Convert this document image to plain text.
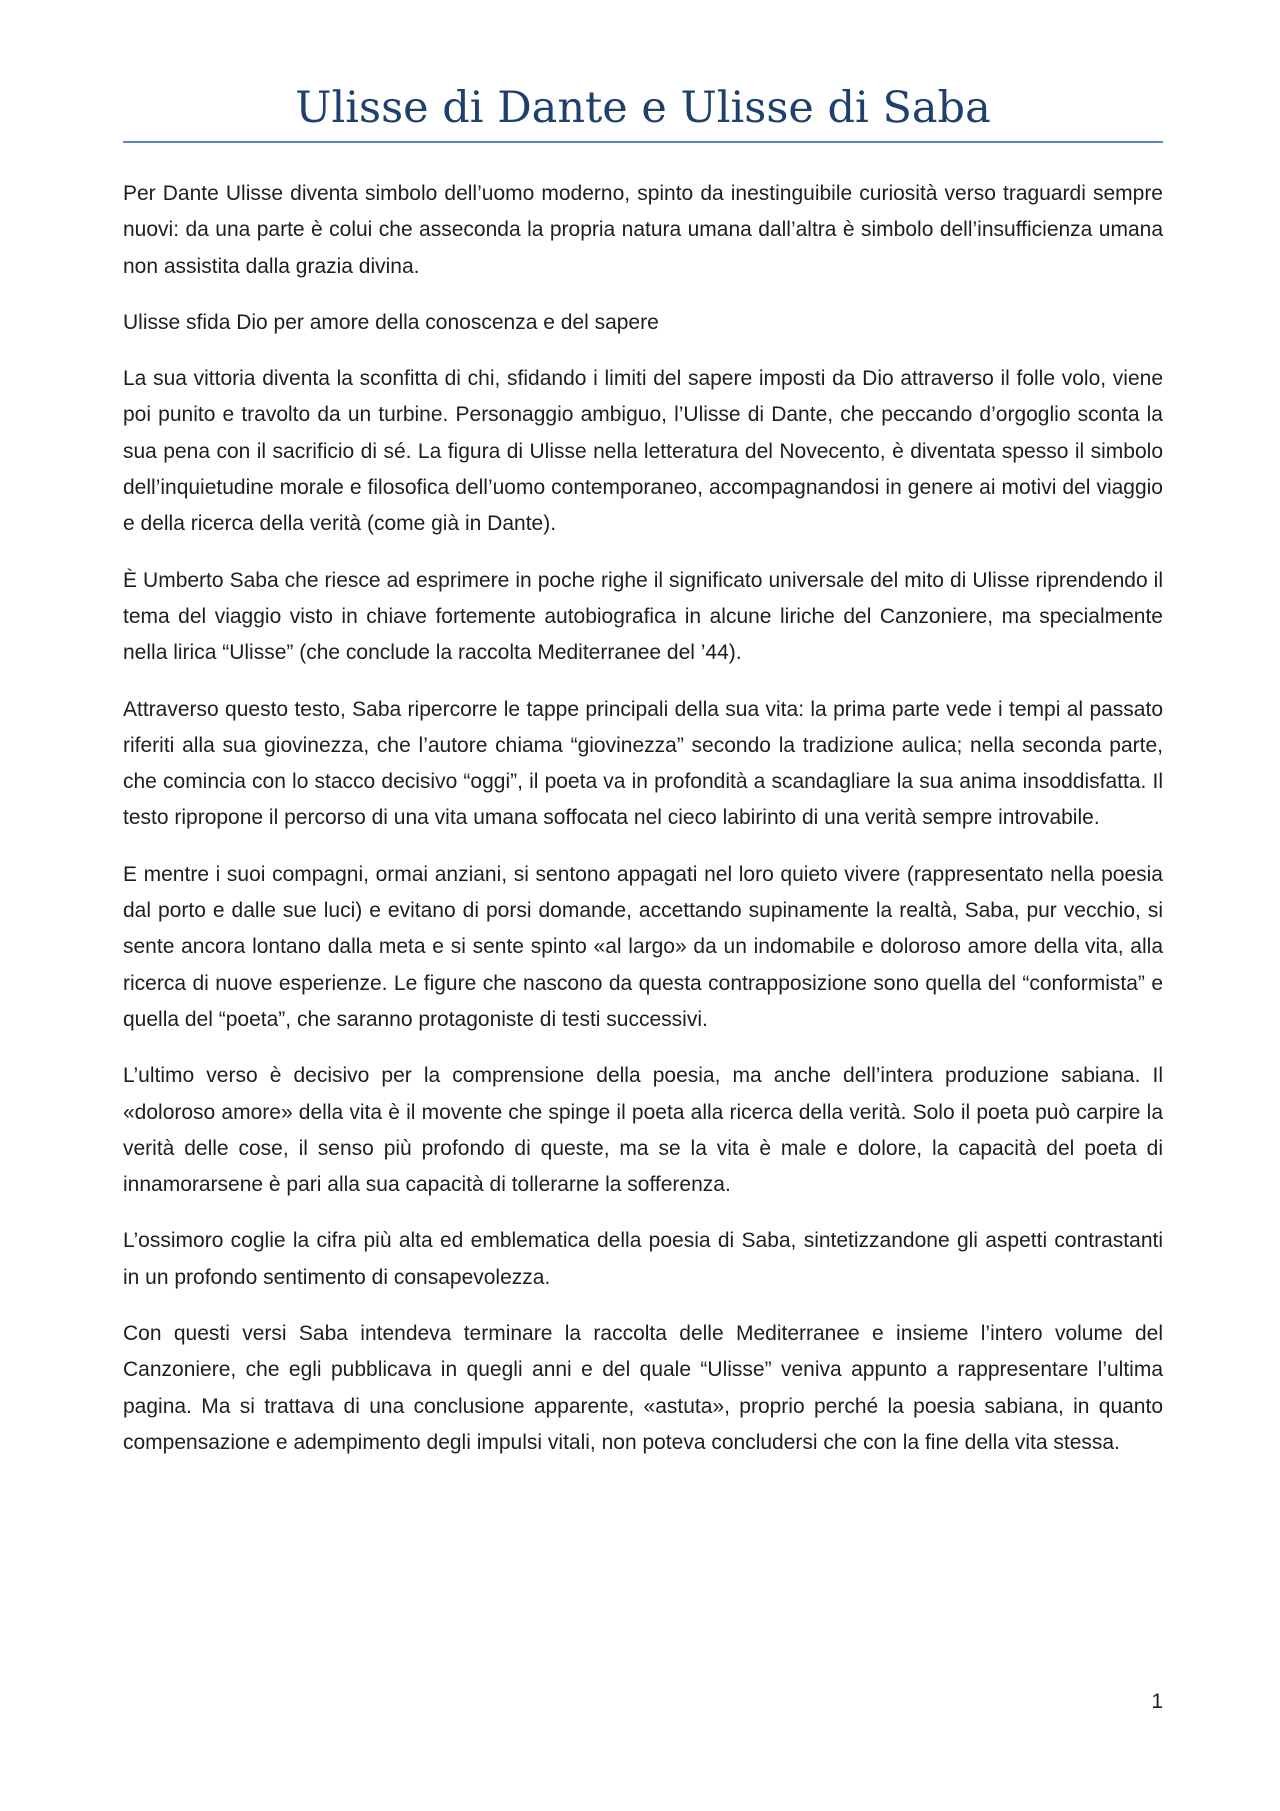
Ulisse di Dante e Ulisse di Saba

Per Dante Ulisse diventa simbolo dell’uomo moderno, spinto da inestinguibile curiosità verso traguardi sempre nuovi: da una parte è colui che asseconda la propria natura umana dall’altra è simbolo dell’insufficienza umana non assistita dalla grazia divina.

Ulisse sfida Dio per amore della conoscenza e del sapere

La sua vittoria diventa la sconfitta di chi, sfidando i limiti del sapere imposti da Dio attraverso il folle volo, viene poi punito e travolto da un turbine. Personaggio ambiguo, l’Ulisse di Dante, che peccando d’orgoglio sconta la sua pena con il sacrificio di sé. La figura di Ulisse nella letteratura del Novecento, è diventata spesso il simbolo dell’inquietudine morale e filosofica dell’uomo contemporaneo, accompagnandosi in genere ai motivi del viaggio e della ricerca della verità (come già in Dante).

È Umberto Saba che riesce ad esprimere in poche righe il significato universale del mito di Ulisse riprendendo il tema del viaggio visto in chiave fortemente autobiografica in alcune liriche del Canzoniere, ma specialmente nella lirica “Ulisse” (che conclude la raccolta Mediterranee del ’44).

Attraverso questo testo, Saba ripercorre le tappe principali della sua vita: la prima parte vede i tempi al passato riferiti alla sua giovinezza, che l’autore chiama “giovinezza” secondo la tradizione aulica; nella seconda parte, che comincia con lo stacco decisivo “oggi”, il poeta va in profondità a scandagliare la sua anima insoddisfatta. Il testo ripropone il percorso di una vita umana soffocata nel cieco labirinto di una verità sempre introvabile.

E mentre i suoi compagni, ormai anziani, si sentono appagati nel loro quieto vivere (rappresentato nella poesia dal porto e dalle sue luci) e evitano di porsi domande, accettando supinamente la realtà, Saba, pur vecchio, si sente ancora lontano dalla meta e si sente spinto «al largo» da un indomabile e doloroso amore della vita, alla ricerca di nuove esperienze. Le figure che nascono da questa contrapposizione sono quella del “conformista” e quella del “poeta”, che saranno protagoniste di testi successivi.

L’ultimo verso è decisivo per la comprensione della poesia, ma anche dell’intera produzione sabiana. Il «doloroso amore» della vita è il movente che spinge il poeta alla ricerca della verità. Solo il poeta può carpire la verità delle cose, il senso più profondo di queste, ma se la vita è male e dolore, la capacità del poeta di innamorarsene è pari alla sua capacità di tollerarne la sofferenza.

L’ossimoro coglie la cifra più alta ed emblematica della poesia di Saba, sintetizzandone gli aspetti contrastanti in un profondo sentimento di consapevolezza.

Con questi versi Saba intendeva terminare la raccolta delle Mediterranee e insieme l’intero volume del Canzoniere, che egli pubblicava in quegli anni e del quale “Ulisse” veniva appunto a rappresentare l’ultima pagina. Ma si trattava di una conclusione apparente, «astuta», proprio perché la poesia sabiana, in quanto compensazione e adempimento degli impulsi vitali, non poteva concludersi che con la fine della vita stessa.

1
